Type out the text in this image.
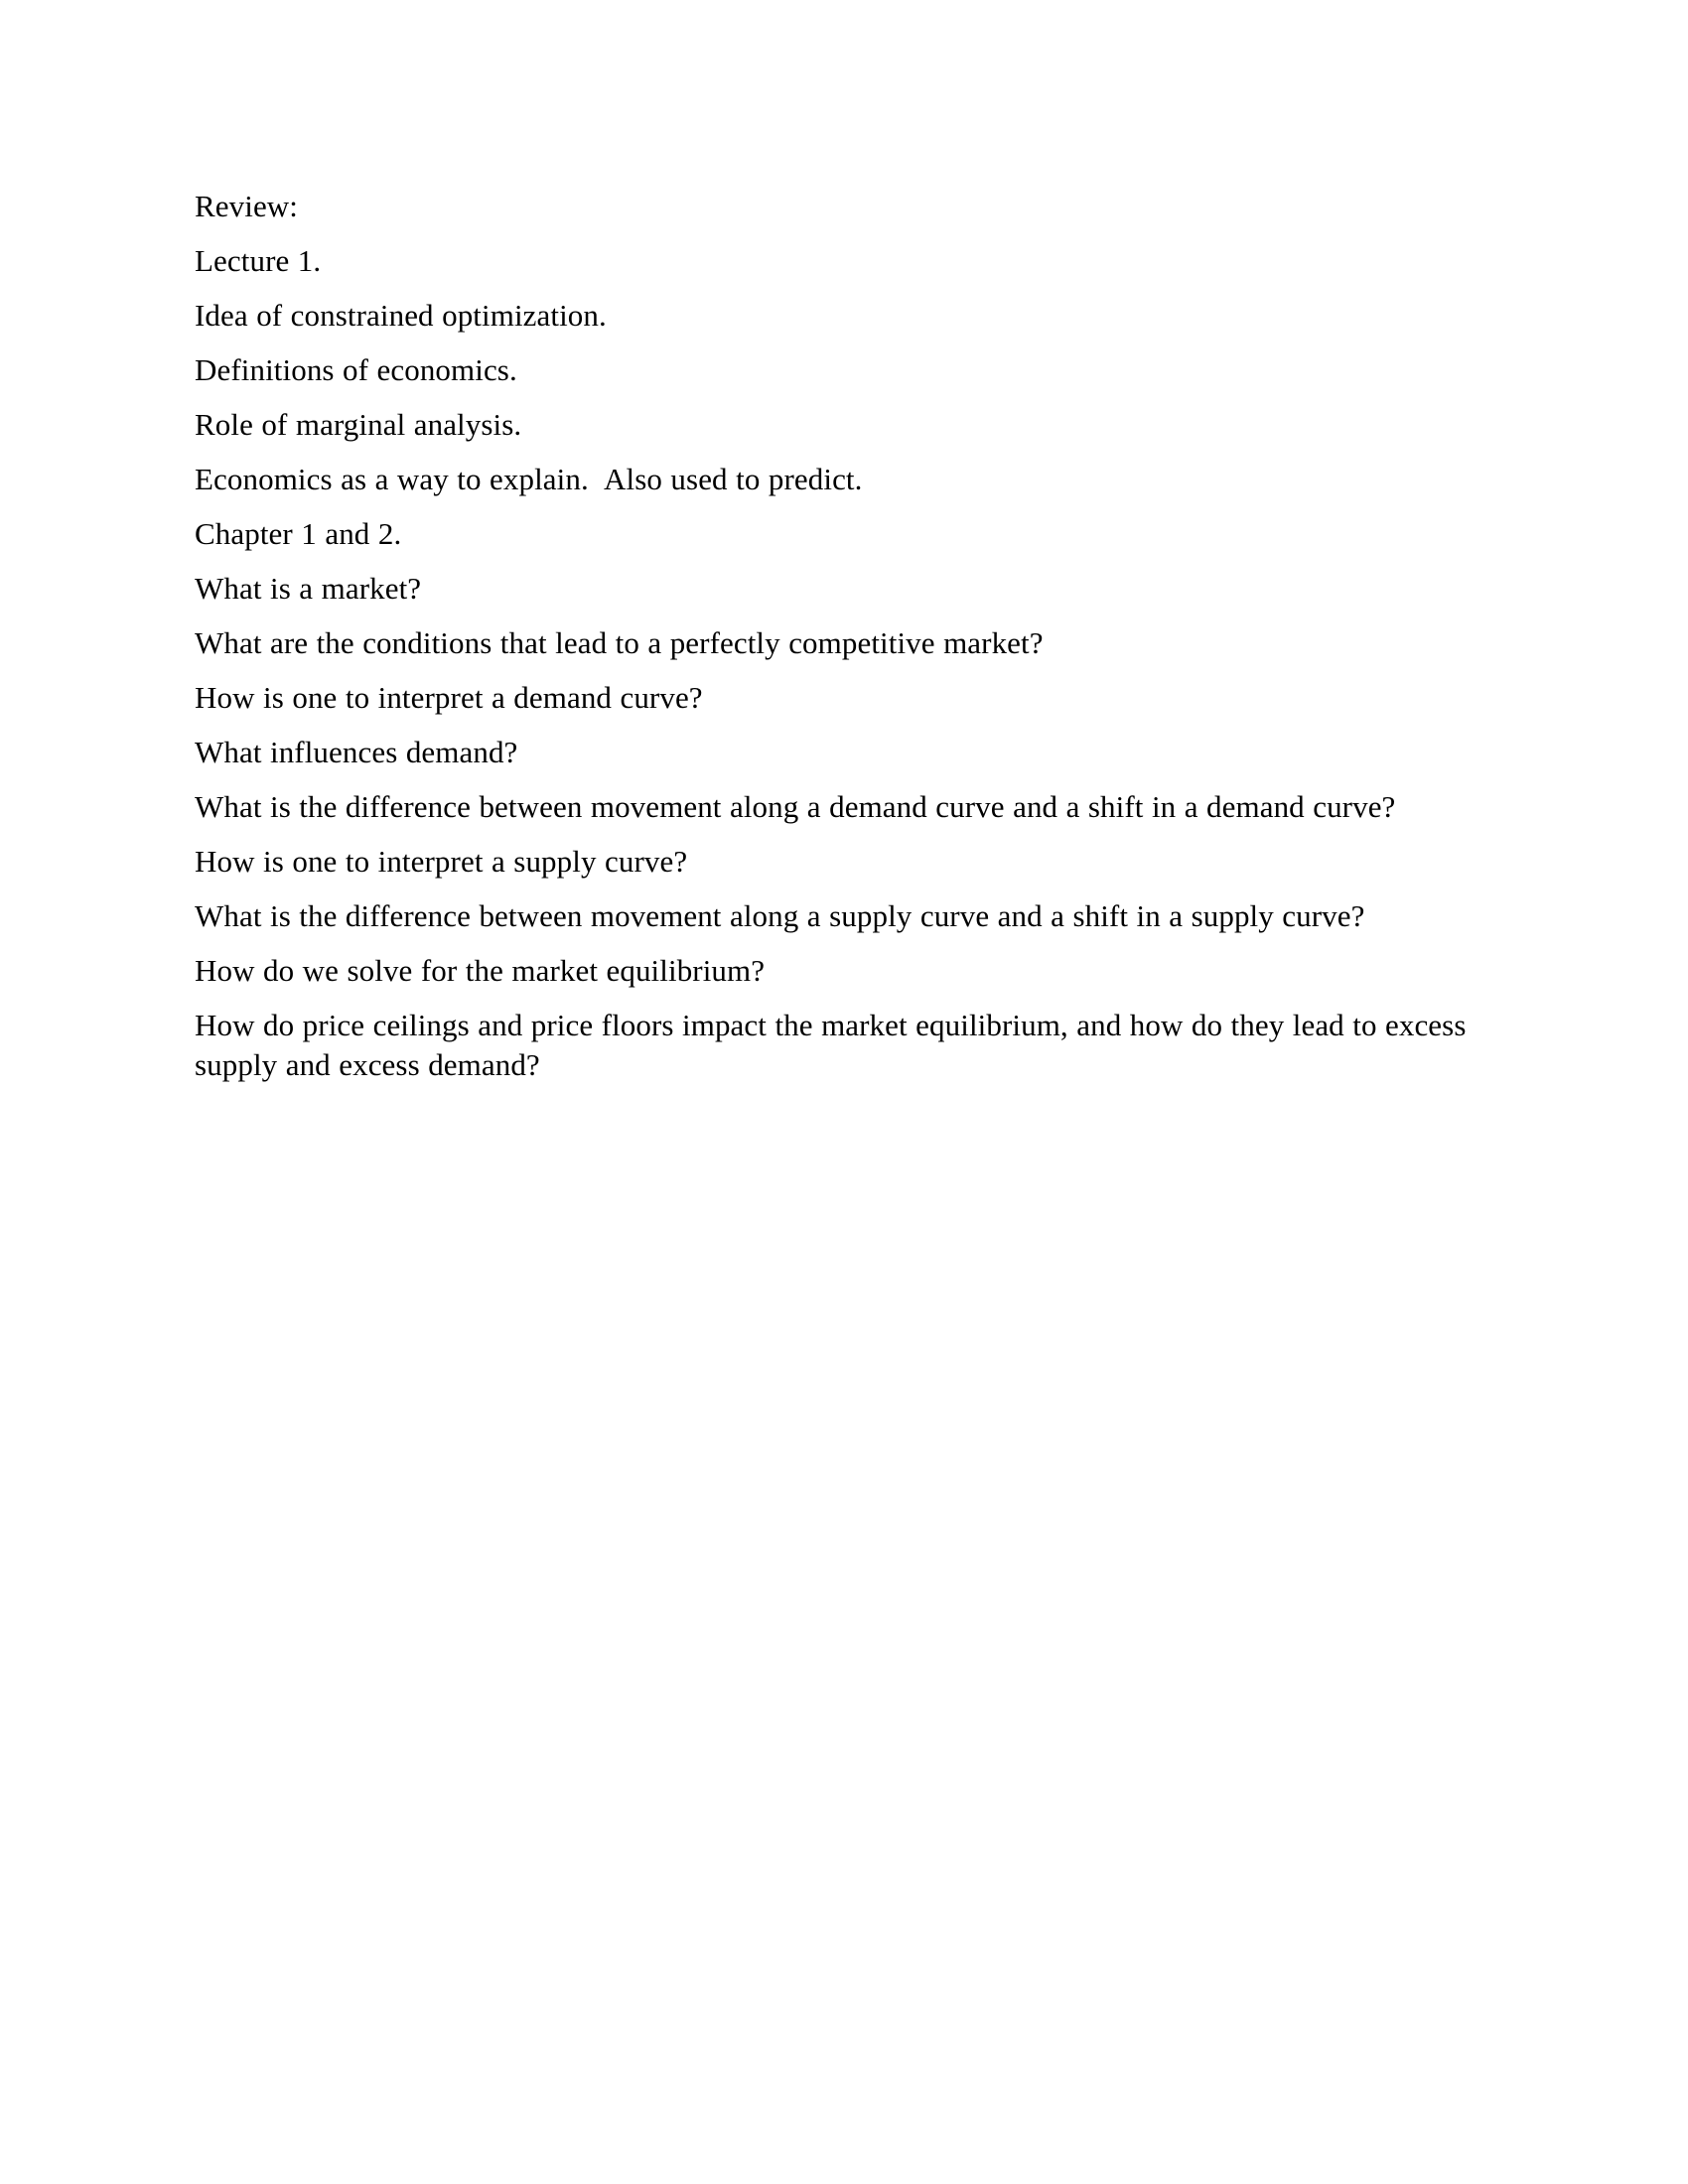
Review:

Lecture 1.

Idea of constrained optimization.

Definitions of economics.

Role of marginal analysis.

Economics as a way to explain.  Also used to predict.

Chapter 1 and 2.

What is a market?

What are the conditions that lead to a perfectly competitive market?

How is one to interpret a demand curve?

What influences demand?

What is the difference between movement along a demand curve and a shift in a demand curve?

How is one to interpret a supply curve?

What is the difference between movement along a supply curve and a shift in a supply curve?

How do we solve for the market equilibrium?

How do price ceilings and price floors impact the market equilibrium, and how do they lead to excess supply and excess demand?
